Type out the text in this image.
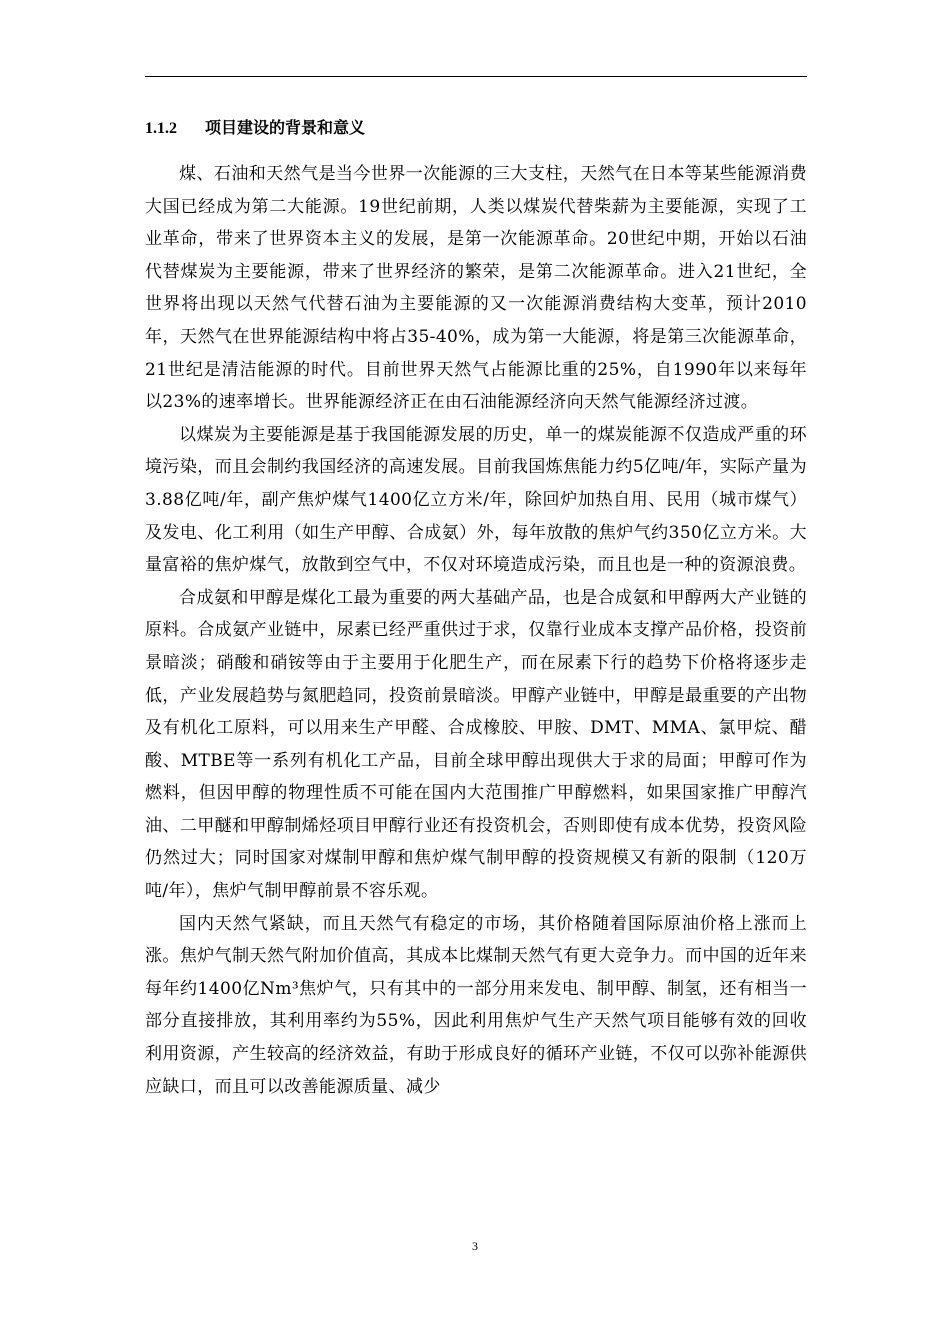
1.1.2 项目建设的背景和意义

煤、石油和天然气是当今世界一次能源的三大支柱，天然气在日本等某些能源消费大国已经成为第二大能源。19世纪前期，人类以煤炭代替柴薪为主要能源，实现了工业革命，带来了世界资本主义的发展，是第一次能源革命。20世纪中期，开始以石油代替煤炭为主要能源，带来了世界经济的繁荣，是第二次能源革命。进入21世纪，全世界将出现以天然气代替石油为主要能源的又一次能源消费结构大变革，预计2010年，天然气在世界能源结构中将占35-40%，成为第一大能源，将是第三次能源革命，21世纪是清洁能源的时代。目前世界天然气占能源比重的25%，自1990年以来每年以23%的速率增长。世界能源经济正在由石油能源经济向天然气能源经济过渡。

以煤炭为主要能源是基于我国能源发展的历史，单一的煤炭能源不仅造成严重的环境污染，而且会制约我国经济的高速发展。目前我国炼焦能力约5亿吨/年，实际产量为3.88亿吨/年，副产焦炉煤气1400亿立方米/年，除回炉加热自用、民用（城市煤气）及发电、化工利用（如生产甲醇、合成氨）外，每年放散的焦炉气约350亿立方米。大量富裕的焦炉煤气，放散到空气中，不仅对环境造成污染，而且也是一种的资源浪费。

合成氨和甲醇是煤化工最为重要的两大基础产品，也是合成氨和甲醇两大产业链的原料。合成氨产业链中，尿素已经严重供过于求，仅靠行业成本支撑产品价格，投资前景暗淡；硝酸和硝铵等由于主要用于化肥生产，而在尿素下行的趋势下价格将逐步走低，产业发展趋势与氮肥趋同，投资前景暗淡。甲醇产业链中，甲醇是最重要的产出物及有机化工原料，可以用来生产甲醛、合成橡胶、甲胺、DMT、MMA、氯甲烷、醋酸、MTBE等一系列有机化工产品，目前全球甲醇出现供大于求的局面；甲醇可作为燃料，但因甲醇的物理性质不可能在国内大范围推广甲醇燃料，如果国家推广甲醇汽油、二甲醚和甲醇制烯烃项目甲醇行业还有投资机会，否则即使有成本优势，投资风险仍然过大；同时国家对煤制甲醇和焦炉煤气制甲醇的投资规模又有新的限制（120万吨/年），焦炉气制甲醇前景不容乐观。

国内天然气紧缺，而且天然气有稳定的市场，其价格随着国际原油价格上涨而上涨。焦炉气制天然气附加价值高，其成本比煤制天然气有更大竞争力。而中国的近年来每年约1400亿Nm³焦炉气，只有其中的一部分用来发电、制甲醇、制氢，还有相当一部分直接排放，其利用率约为55%，因此利用焦炉气生产天然气项目能够有效的回收利用资源，产生较高的经济效益，有助于形成良好的循环产业链，不仅可以弥补能源供应缺口，而且可以改善能源质量、减少

3
